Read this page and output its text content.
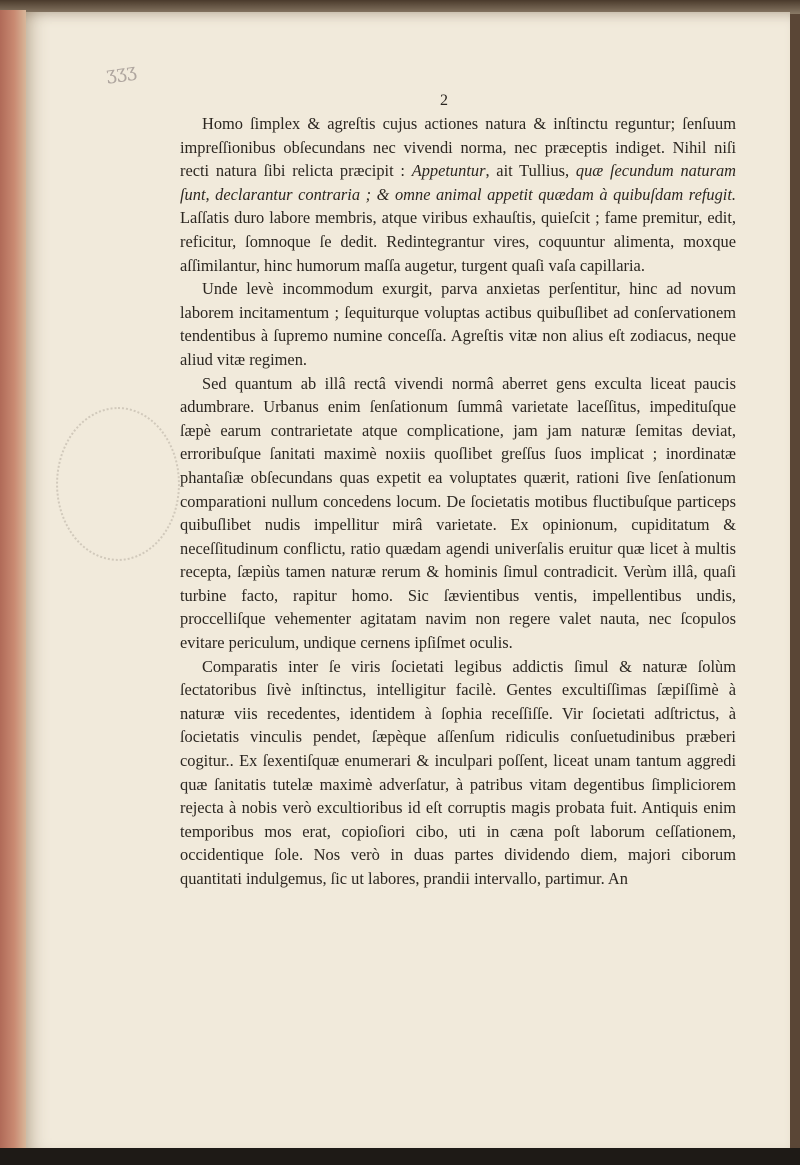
ʒʒʒ
2

Homo ſimplex & agreſtis cujus actiones natura & inſtinctu reguntur; ſenſuum impreſſionibus obſecundans nec vivendi norma, nec præceptis indiget. Nihil niſi recti natura ſibi relicta præcipit : Appetuntur, ait Tullius, quæ ſecundum naturam ſunt, declarantur contraria ; & omne animal appetit quædam à quibuſdam refugit. Laſſatis duro labore membris, atque viribus exhauſtis, quieſcit ; fame premitur, edit, reficitur, ſomnoque ſe dedit. Redintegrantur vires, coquuntur alimenta, moxque aſſimilantur, hinc humorum maſſa augetur, turgent quaſi vaſa capillaria.

Unde levè incommodum exurgit, parva anxietas perſentitur, hinc ad novum laborem incitamentum ; ſequiturque voluptas actibus quibuſlibet ad conſervationem tendentibus à ſupremo numine conceſſa. Agreſtis vitæ non alius eſt zodiacus, neque aliud vitæ regimen.

Sed quantum ab illâ rectâ vivendi normâ aberret gens exculta liceat paucis adumbrare. Urbanus enim ſenſationum ſummâ varietate laceſſitus, impedituſque ſæpè earum contrarietate atque complicatione, jam jam naturæ ſemitas deviat, erroribuſque ſanitati maximè noxiis quoſlibet greſſus ſuos implicat ; inordinatæ phantaſiæ obſecundans quas expetit ea voluptates quærit, rationi ſive ſenſationum comparationi nullum concedens locum. De ſocietatis motibus fluctibuſque particeps quibuſlibet nudis impellitur mirâ varietate. Ex opinionum, cupiditatum & neceſſitudinum conflictu, ratio quædam agendi univerſalis eruitur quæ licet à multis recepta, ſæpiùs tamen naturæ rerum & hominis ſimul contradicit. Verùm illâ, quaſi turbine facto, rapitur homo. Sic ſævientibus ventis, impellentibus undis, proccelliſque vehementer agitatam navim non regere valet nauta, nec ſcopulos evitare periculum, undique cernens ipſiſmet oculis.

Comparatis inter ſe viris ſocietati legibus addictis ſimul & naturæ ſolùm ſectatoribus ſivè inſtinctus, intelligitur facilè. Gentes excultiſſimas ſæpiſſimè à naturæ viis recedentes, identidem à ſophia receſſiſſe. Vir ſocietati adſtrictus, à ſocietatis vinculis pendet, ſæpèque aſſenſum ridiculis conſuetudinibus præberi cogitur.. Ex ſexentiſquæ enumerari & inculpari poſſent, liceat unam tantum aggredi quæ ſanitatis tutelæ maximè adverſatur, à patribus vitam degentibus ſimpliciorem rejecta à nobis verò excultioribus id eſt corruptis magis probata fuit. Antiquis enim temporibus mos erat, copioſiori cibo, uti in cæna poſt laborum ceſſationem, occidentique ſole. Nos verò in duas partes dividendo diem, majori ciborum quantitati indulgemus, ſic ut labores, prandii intervallo, partimur. An
